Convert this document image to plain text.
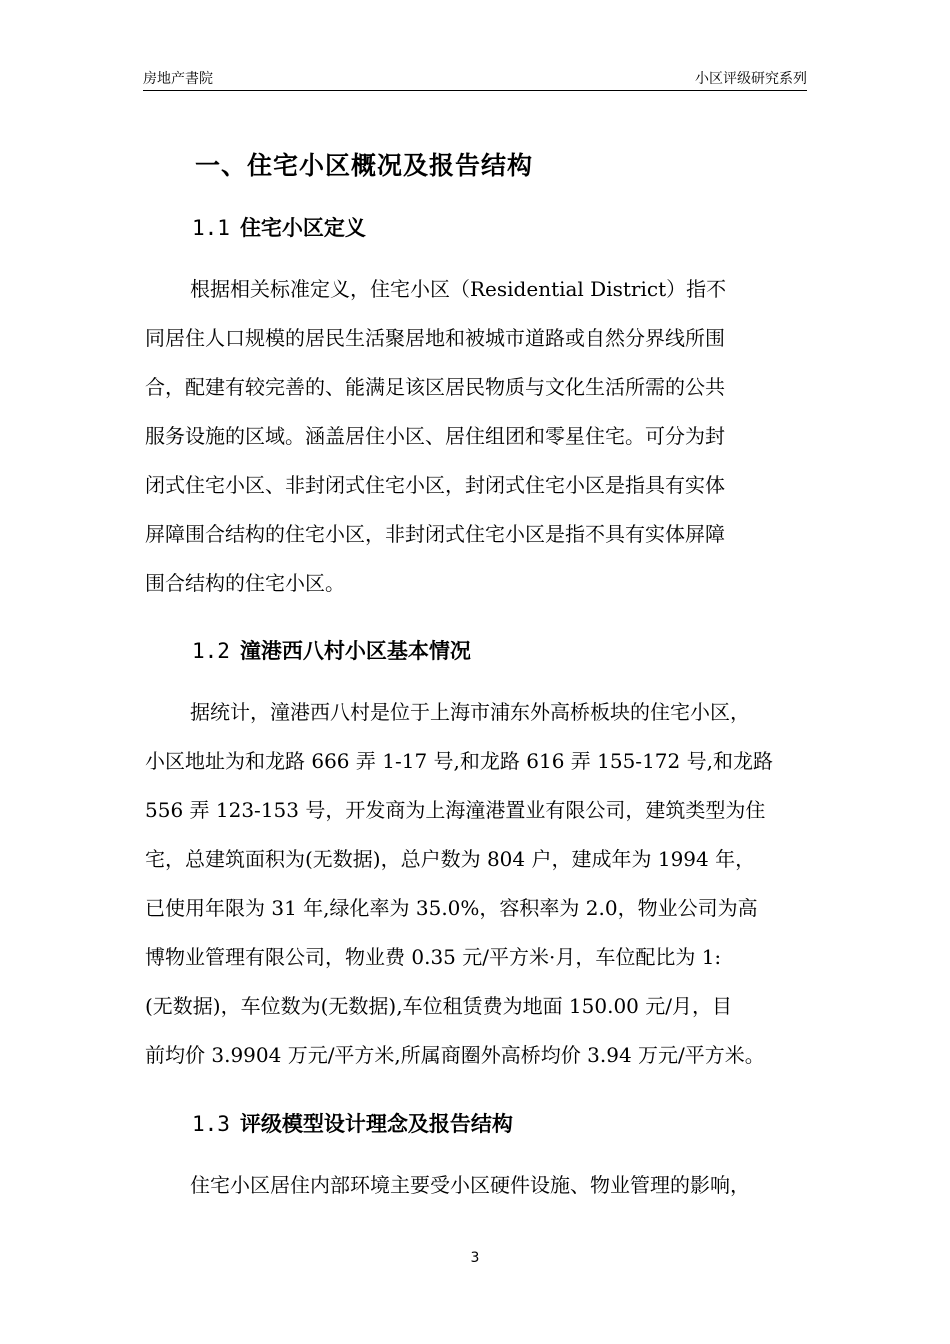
房地产書院	小区评级研究系列
一、住宅小区概况及报告结构
1.1 住宅小区定义
根据相关标准定义，住宅小区（Residential District）指不
同居住人口规模的居民生活聚居地和被城市道路或自然分界线所围
合，配建有较完善的、能满足该区居民物质与文化生活所需的公共
服务设施的区域。涵盖居住小区、居住组团和零星住宅。可分为封
闭式住宅小区、非封闭式住宅小区，封闭式住宅小区是指具有实体
屏障围合结构的住宅小区，非封闭式住宅小区是指不具有实体屏障
围合结构的住宅小区。
1.2 潼港西八村小区基本情况
据统计，潼港西八村是位于上海市浦东外高桥板块的住宅小区，
小区地址为和龙路 666 弄 1-17 号,和龙路 616 弄 155-172 号,和龙路
556 弄 123-153 号，开发商为上海潼港置业有限公司，建筑类型为住
宅，总建筑面积为(无数据)，总户数为 804 户，建成年为 1994 年，
已使用年限为 31 年,绿化率为 35.0%，容积率为 2.0，物业公司为高
博物业管理有限公司，物业费 0.35 元/平方米·月，车位配比为 1:
(无数据)，车位数为(无数据),车位租赁费为地面 150.00 元/月，目
前均价 3.9904 万元/平方米,所属商圈外高桥均价 3.94 万元/平方米。
1.3 评级模型设计理念及报告结构
住宅小区居住内部环境主要受小区硬件设施、物业管理的影响，
3
